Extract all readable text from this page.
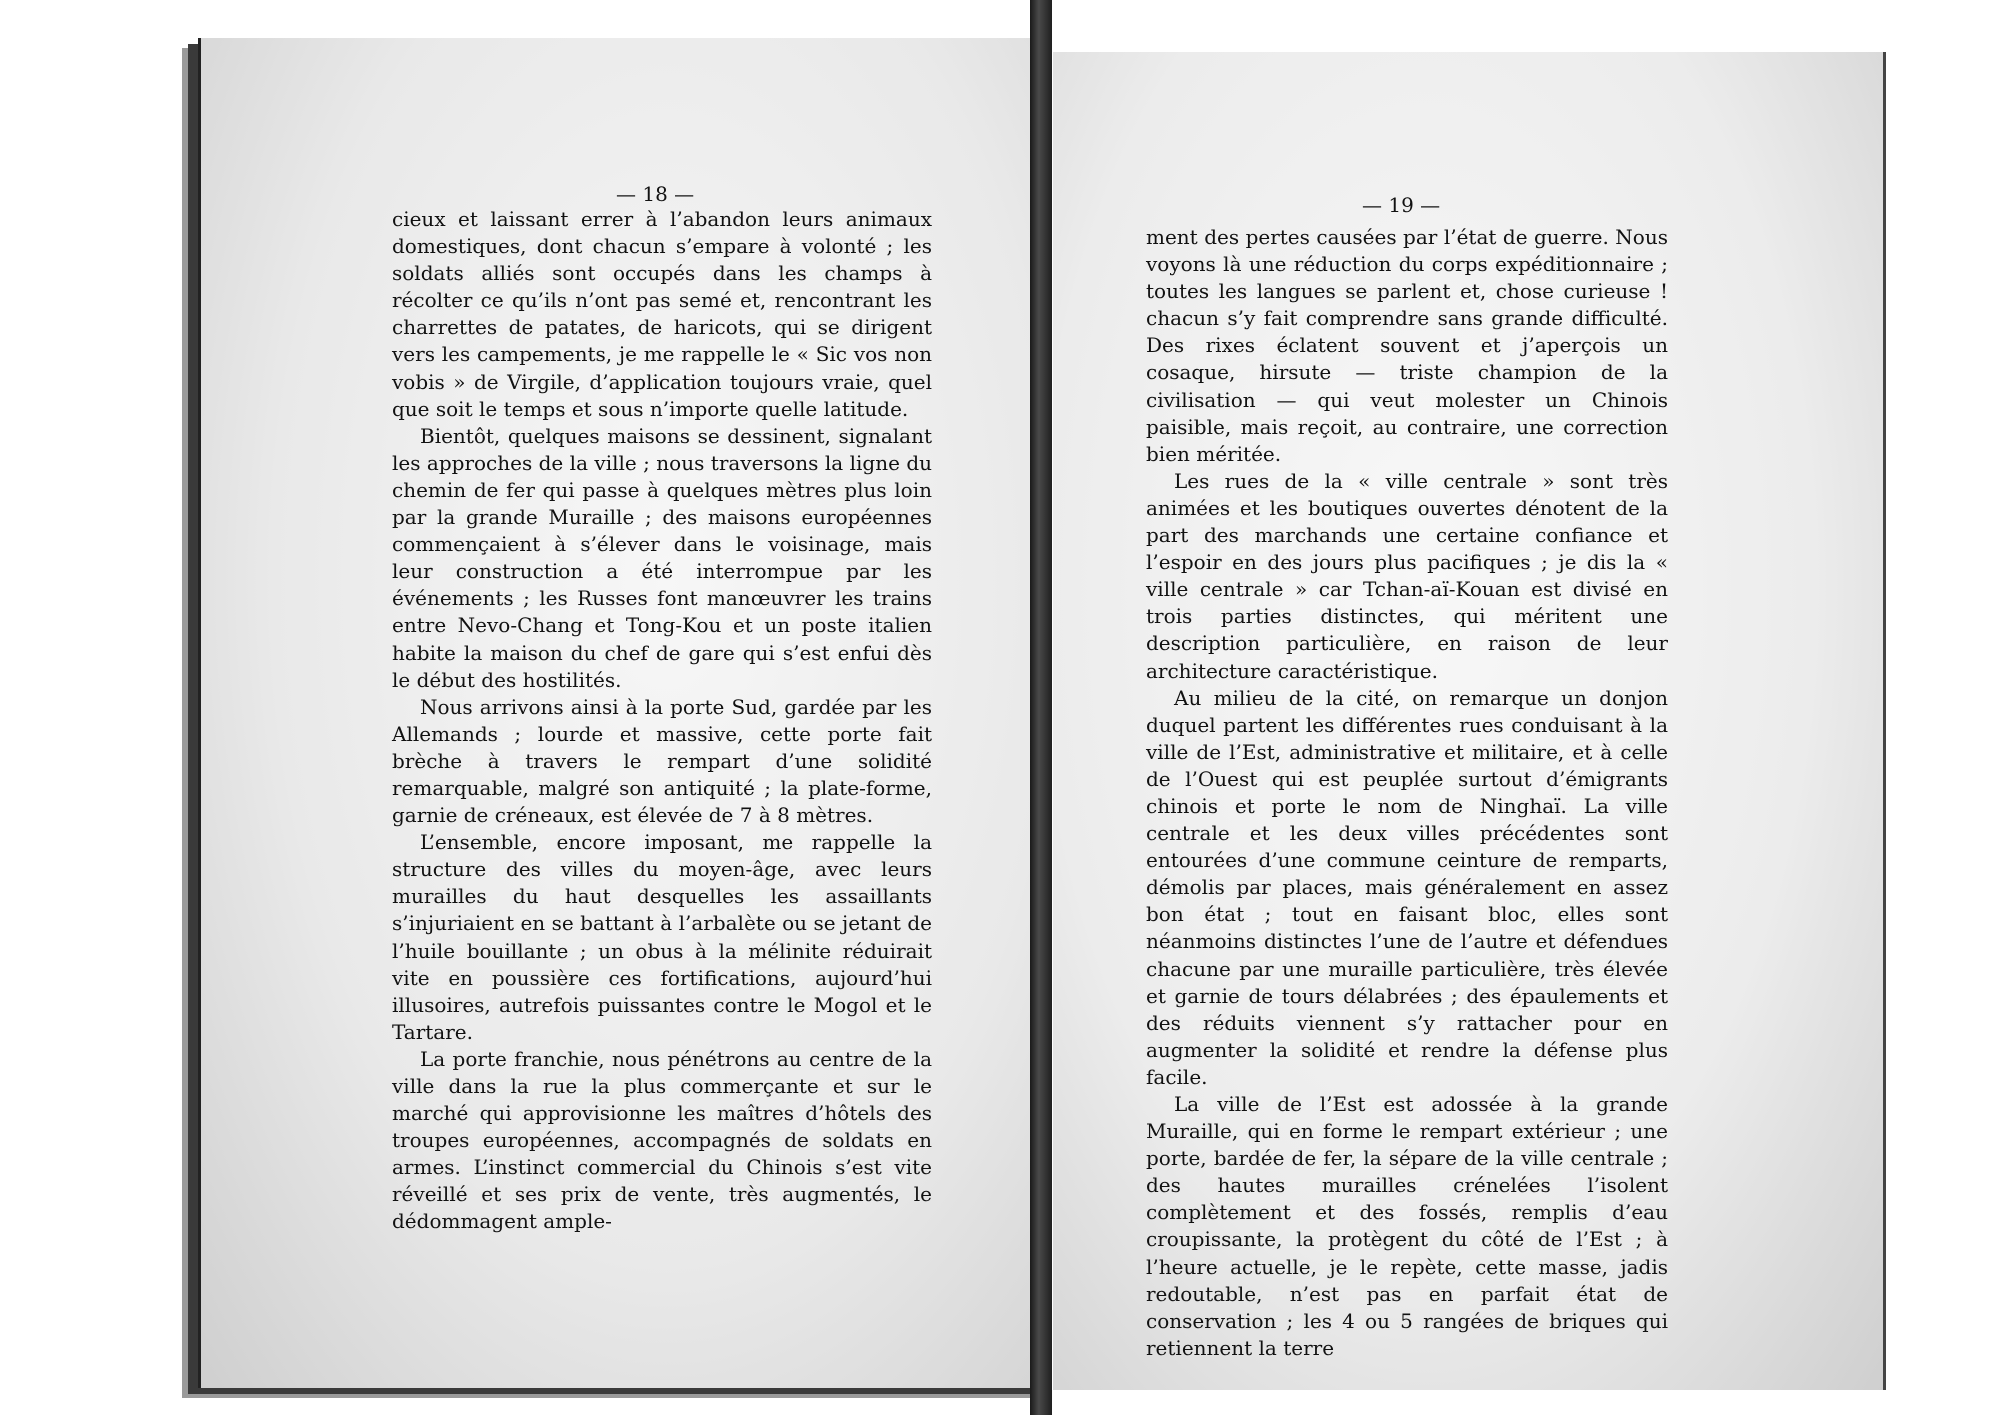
— 18 —

cieux et laissant errer à l’abandon leurs animaux domestiques, dont chacun s’empare à volonté ; les soldats alliés sont occupés dans les champs à récolter ce qu’ils n’ont pas semé et, rencontrant les charrettes de patates, de haricots, qui se dirigent vers les campements, je me rappelle le « Sic vos non vobis » de Virgile, d’application toujours vraie, quel que soit le temps et sous n’importe quelle latitude.

Bientôt, quelques maisons se dessinent, signalant les approches de la ville ; nous traversons la ligne du chemin de fer qui passe à quelques mètres plus loin par la grande Muraille ; des maisons européennes commençaient à s’élever dans le voisinage, mais leur construction a été interrompue par les événements ; les Russes font manœuvrer les trains entre Nevo-Chang et Tong-Kou et un poste italien habite la maison du chef de gare qui s’est enfui dès le début des hostilités.

Nous arrivons ainsi à la porte Sud, gardée par les Allemands ; lourde et massive, cette porte fait brèche à travers le rempart d’une solidité remarquable, malgré son antiquité ; la plate-forme, garnie de créneaux, est élevée de 7 à 8 mètres.

L’ensemble, encore imposant, me rappelle la structure des villes du moyen-âge, avec leurs murailles du haut desquelles les assaillants s’injuriaient en se battant à l’arbalète ou se jetant de l’huile bouillante ; un obus à la mélinite réduirait vite en poussière ces fortifications, aujourd’hui illusoires, autrefois puissantes contre le Mogol et le Tartare.

La porte franchie, nous pénétrons au centre de la ville dans la rue la plus commerçante et sur le marché qui approvisionne les maîtres d’hôtels des troupes européennes, accompagnés de soldats en armes. L’instinct commercial du Chinois s’est vite réveillé et ses prix de vente, très augmentés, le dédommagent ample-

— 19 —

ment des pertes causées par l’état de guerre. Nous voyons là une réduction du corps expéditionnaire ; toutes les langues se parlent et, chose curieuse ! chacun s’y fait comprendre sans grande difficulté. Des rixes éclatent souvent et j’aperçois un cosaque, hirsute — triste champion de la civilisation — qui veut molester un Chinois paisible, mais reçoit, au contraire, une correction bien méritée.

Les rues de la « ville centrale » sont très animées et les boutiques ouvertes dénotent de la part des marchands une certaine confiance et l’espoir en des jours plus pacifiques ; je dis la « ville centrale » car Tchan-aï-Kouan est divisé en trois parties distinctes, qui méritent une description particulière, en raison de leur architecture caractéristique.

Au milieu de la cité, on remarque un donjon duquel partent les différentes rues conduisant à la ville de l’Est, administrative et militaire, et à celle de l’Ouest qui est peuplée surtout d’émigrants chinois et porte le nom de Ninghaï. La ville centrale et les deux villes précédentes sont entourées d’une commune ceinture de remparts, démolis par places, mais généralement en assez bon état ; tout en faisant bloc, elles sont néanmoins distinctes l’une de l’autre et défendues chacune par une muraille particulière, très élevée et garnie de tours délabrées ; des épaulements et des réduits viennent s’y rattacher pour en augmenter la solidité et rendre la défense plus facile.

La ville de l’Est est adossée à la grande Muraille, qui en forme le rempart extérieur ; une porte, bardée de fer, la sépare de la ville centrale ; des hautes murailles crénelées l’isolent complètement et des fossés, remplis d’eau croupissante, la protègent du côté de l’Est ; à l’heure actuelle, je le repète, cette masse, jadis redoutable, n’est pas en parfait état de conservation ; les 4 ou 5 rangées de briques qui retiennent la terre
